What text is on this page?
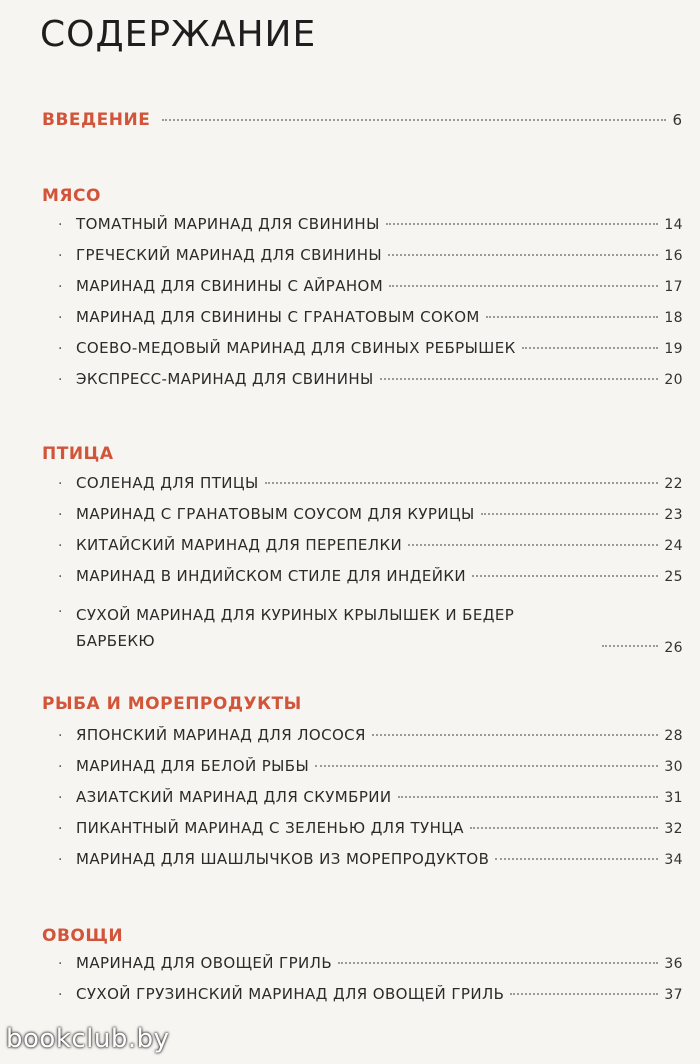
СОДЕРЖАНИЕ
ВВЕДЕНИЕ	6
МЯСО
· ТОМАТНЫЙ МАРИНАД ДЛЯ СВИНИНЫ	14
· ГРЕЧЕСКИЙ МАРИНАД ДЛЯ СВИНИНЫ	16
· МАРИНАД ДЛЯ СВИНИНЫ С АЙРАНОМ	17
· МАРИНАД ДЛЯ СВИНИНЫ С ГРАНАТОВЫМ СОКОМ	18
· СОЕВО-МЕДОВЫЙ МАРИНАД ДЛЯ СВИНЫХ РЕБРЫШЕК	19
· ЭКСПРЕСС-МАРИНАД ДЛЯ СВИНИНЫ	20
ПТИЦА
· СОЛЕНАД ДЛЯ ПТИЦЫ	22
· МАРИНАД С ГРАНАТОВЫМ СОУСОМ ДЛЯ КУРИЦЫ	23
· КИТАЙСКИЙ МАРИНАД ДЛЯ ПЕРЕПЕЛКИ	24
· МАРИНАД В ИНДИЙСКОМ СТИЛЕ ДЛЯ ИНДЕЙКИ	25
· СУХОЙ МАРИНАД ДЛЯ КУРИНЫХ КРЫЛЫШЕК И БЕДЕР БАРБЕКЮ	26
РЫБА И МОРЕПРОДУКТЫ
· ЯПОНСКИЙ МАРИНАД ДЛЯ ЛОСОСЯ	28
· МАРИНАД ДЛЯ БЕЛОЙ РЫБЫ	30
· АЗИАТСКИЙ МАРИНАД ДЛЯ СКУМБРИИ	31
· ПИКАНТНЫЙ МАРИНАД С ЗЕЛЕНЬЮ ДЛЯ ТУНЦА	32
· МАРИНАД ДЛЯ ШАШЛЫЧКОВ ИЗ МОРЕПРОДУКТОВ	34
ОВОЩИ
· МАРИНАД ДЛЯ ОВОЩЕЙ ГРИЛЬ	36
· СУХОЙ ГРУЗИНСКИЙ МАРИНАД ДЛЯ ОВОЩЕЙ ГРИЛЬ	37
bookclub.by
